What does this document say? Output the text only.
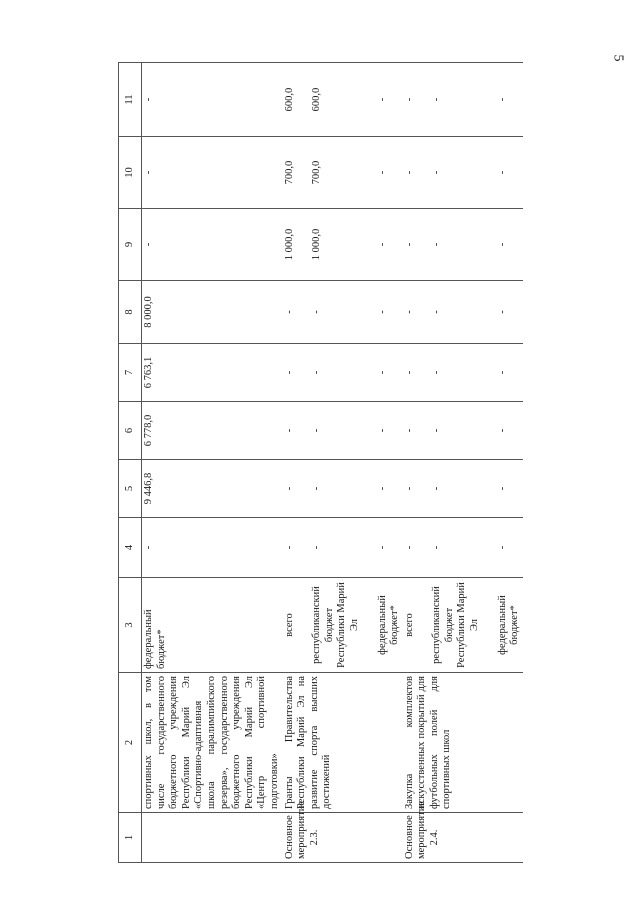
5
1	2	3	4	5	6	7	8	9	10	11
	спортивных школ, в том числе государственного бюджетного учреждения Республики Марий Эл «Спортивно-адаптивная школа паралимпийского резерва», государственного бюджетного учреждения Республики Марий Эл «Центр спортивной подготовки»	федеральный бюджет*	-	9 446,8	6 778,0	6 763,1	8 000,0	-	-	-
Основное мероприятие 2.3.	Гранты Правительства Республики Марий Эл на развитие спорта высших достижений	всего	-	-	-	-	-	1 000,0	700,0	600,0
		республиканский бюджет Республики Марий Эл	-	-	-	-	-	1 000,0	700,0	600,0
		федеральный бюджет*	-	-	-	-	-	-	-	-
Основное мероприятие 2.4.	Закупка комплектов искусственных покрытий для футбольных полей для спортивных школ	всего	-	-	-	-	-	-	-	-
		республиканский бюджет Республики Марий Эл	-	-	-	-	-	-	-	-
		федеральный бюджет*	-	-	-	-	-	-	-	-
